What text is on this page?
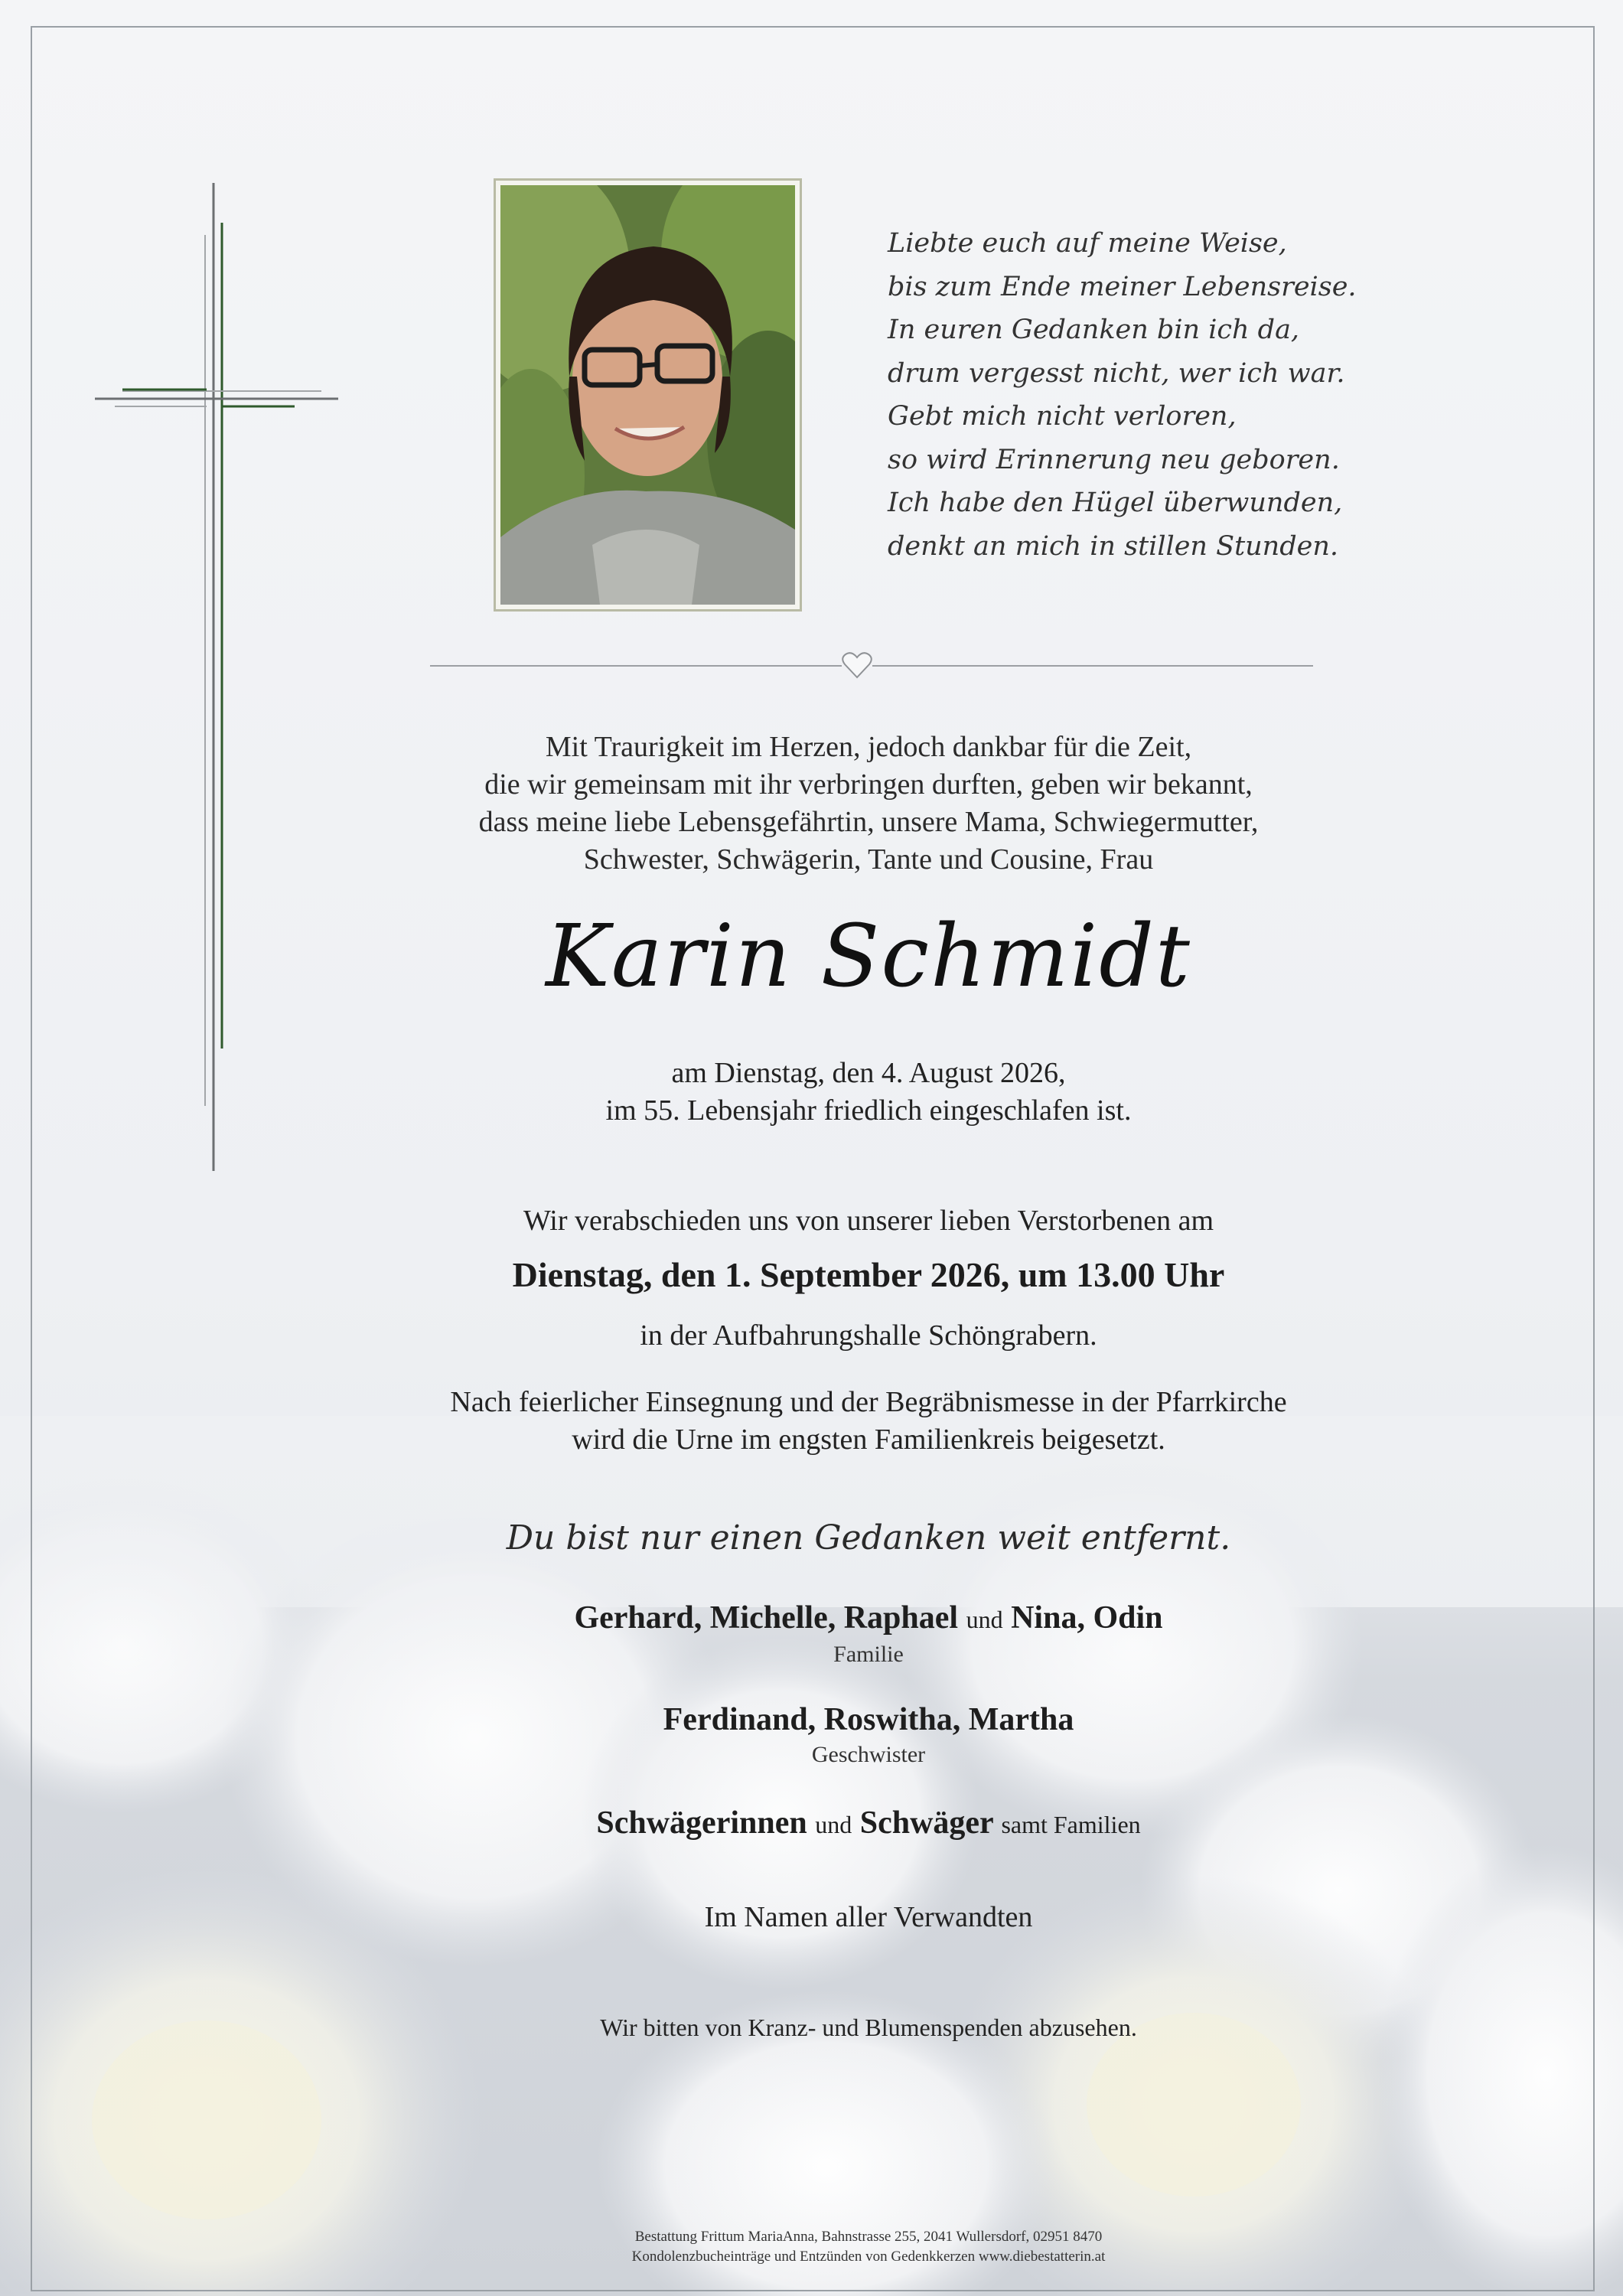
Liebte euch auf meine Weise,
bis zum Ende meiner Lebensreise.
In euren Gedanken bin ich da,
drum vergesst nicht, wer ich war.
Gebt mich nicht verloren,
so wird Erinnerung neu geboren.
Ich habe den Hügel überwunden,
denkt an mich in stillen Stunden.
Mit Traurigkeit im Herzen, jedoch dankbar für die Zeit,
die wir gemeinsam mit ihr verbringen durften, geben wir bekannt,
dass meine liebe Lebensgefährtin, unsere Mama, Schwiegermutter,
Schwester, Schwägerin, Tante und Cousine, Frau
Karin Schmidt
am Dienstag, den 4. August 2026,
im 55. Lebensjahr friedlich eingeschlafen ist.
Wir verabschieden uns von unserer lieben Verstorbenen am
Dienstag, den 1. September 2026, um 13.00 Uhr
in der Aufbahrungshalle Schöngrabern.
Nach feierlicher Einsegnung und der Begräbnismesse in der Pfarrkirche
wird die Urne im engsten Familienkreis beigesetzt.
Du bist nur einen Gedanken weit entfernt.
Gerhard, Michelle, Raphael und Nina, Odin
Familie
Ferdinand, Roswitha, Martha
Geschwister
Schwägerinnen und Schwäger samt Familien
Im Namen aller Verwandten
Wir bitten von Kranz- und Blumenspenden abzusehen.
Bestattung Frittum MariaAnna, Bahnstrasse 255, 2041 Wullersdorf, 02951 8470
Kondolenzbucheinträge und Entzünden von Gedenkkerzen www.diebestatterin.at
